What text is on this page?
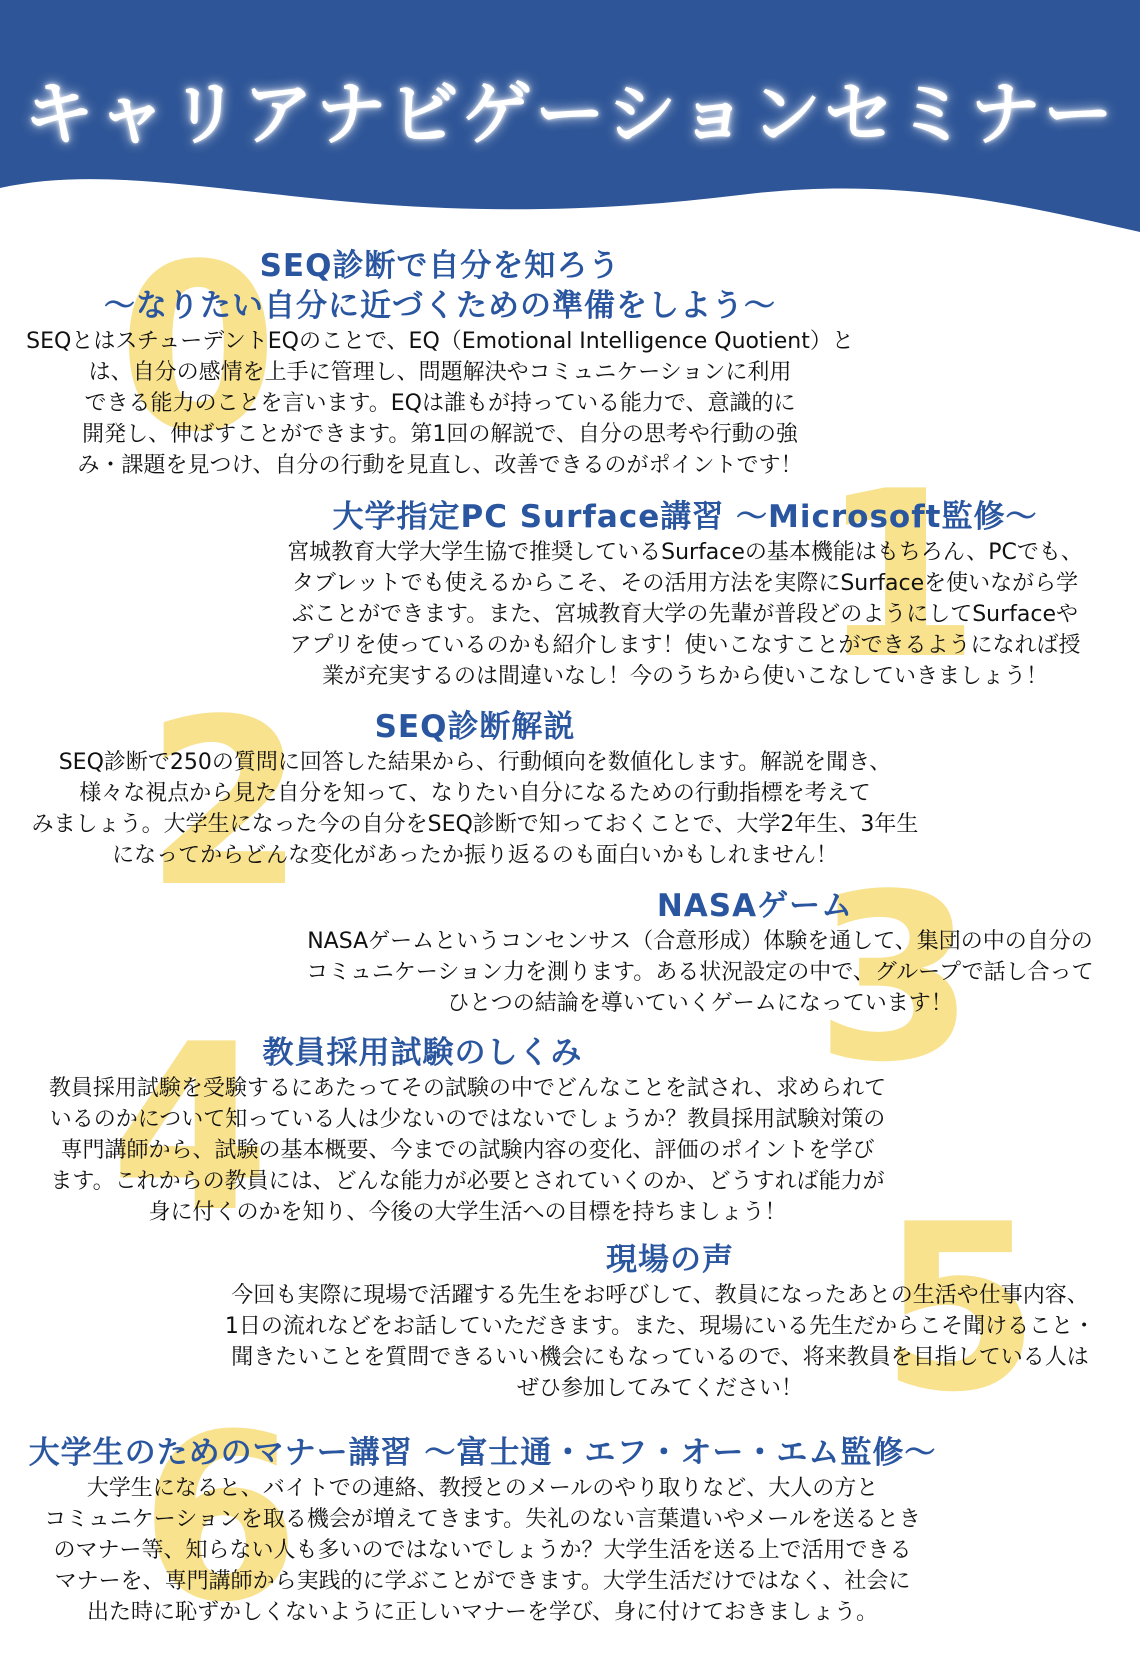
キャリアナビゲーションセミナー
0
1
2
3
4
5
6
SEQ診断で自分を知ろう
～なりたい自分に近づくための準備をしよう～

SEQとはスチューデントEQのことで、EQ（Emotional Intelligence Quotient）と

は、自分の感情を上手に管理し、問題解決やコミュニケーションに利用

できる能力のことを言います。EQは誰もが持っている能力で、意識的に

開発し、伸ばすことができます。第1回の解説で、自分の思考や行動の強

み・課題を見つけ、自分の行動を見直し、改善できるのがポイントです！

大学指定PC Surface講習 ～Microsoft監修～

宮城教育大学大学生協で推奨しているSurfaceの基本機能はもちろん、PCでも、

タブレットでも使えるからこそ、その活用方法を実際にSurfaceを使いながら学

ぶことができます。また、宮城教育大学の先輩が普段どのようにしてSurfaceや

アプリを使っているのかも紹介します！使いこなすことができるようになれば授

業が充実するのは間違いなし！今のうちから使いこなしていきましょう！

SEQ診断解説

SEQ診断で250の質問に回答した結果から、行動傾向を数値化します。解説を聞き、

様々な視点から見た自分を知って、なりたい自分になるための行動指標を考えて

みましょう。大学生になった今の自分をSEQ診断で知っておくことで、大学2年生、3年生

になってからどんな変化があったか振り返るのも面白いかもしれません！

NASAゲーム

NASAゲームというコンセンサス（合意形成）体験を通して、集団の中の自分の

コミュニケーション力を測ります。ある状況設定の中で、グループで話し合って

ひとつの結論を導いていくゲームになっています！

教員採用試験のしくみ

教員採用試験を受験するにあたってその試験の中でどんなことを試され、求められて

いるのかについて知っている人は少ないのではないでしょうか？教員採用試験対策の

専門講師から、試験の基本概要、今までの試験内容の変化、評価のポイントを学び

ます。これからの教員には、どんな能力が必要とされていくのか、どうすれば能力が

身に付くのかを知り、今後の大学生活への目標を持ちましょう！

現場の声

今回も実際に現場で活躍する先生をお呼びして、教員になったあとの生活や仕事内容、

1日の流れなどをお話していただきます。また、現場にいる先生だからこそ聞けること・

聞きたいことを質問できるいい機会にもなっているので、将来教員を目指している人は

ぜひ参加してみてください！

大学生のためのマナー講習 ～富士通・エフ・オー・エム監修～

大学生になると、バイトでの連絡、教授とのメールのやり取りなど、大人の方と

コミュニケーションを取る機会が増えてきます。失礼のない言葉遣いやメールを送るとき

のマナー等、知らない人も多いのではないでしょうか？大学生活を送る上で活用できる

マナーを、専門講師から実践的に学ぶことができます。大学生活だけではなく、社会に

出た時に恥ずかしくないように正しいマナーを学び、身に付けておきましょう。
